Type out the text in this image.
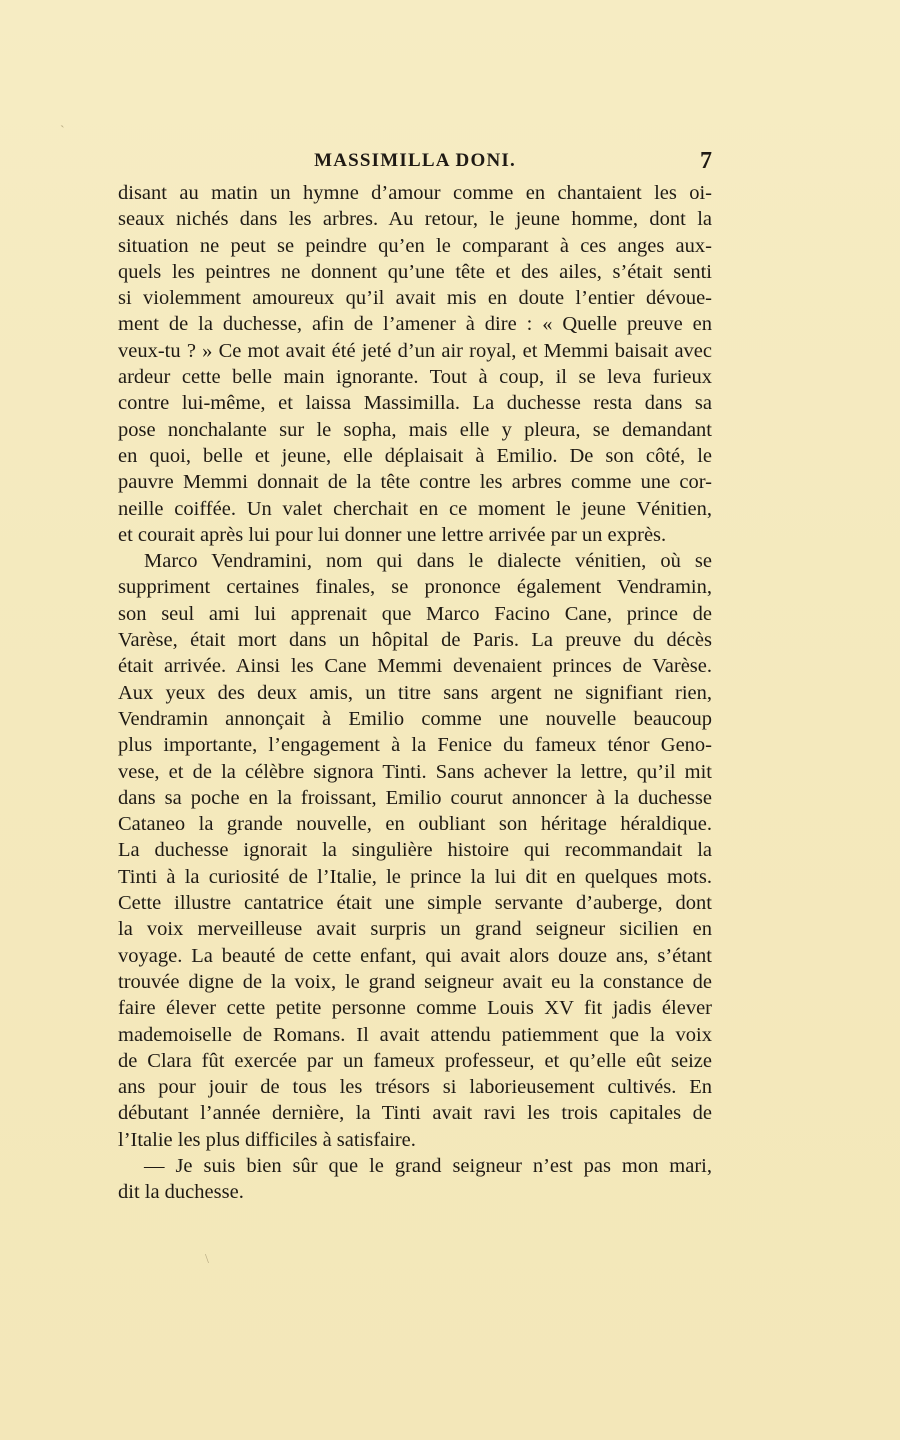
`
\
MASSIMILLA DONI.	7
disant au matin un hymne d’amour comme en chantaient les oi-
seaux nichés dans les arbres. Au retour, le jeune homme, dont la
situation ne peut se peindre qu’en le comparant à ces anges aux-
quels les peintres ne donnent qu’une tête et des ailes, s’était senti
si violemment amoureux qu’il avait mis en doute l’entier dévoue-
ment de la duchesse, afin de l’amener à dire : « Quelle preuve en
veux-tu ? » Ce mot avait été jeté d’un air royal, et Memmi baisait avec
ardeur cette belle main ignorante. Tout à coup, il se leva furieux
contre lui-même, et laissa Massimilla. La duchesse resta dans sa
pose nonchalante sur le sopha, mais elle y pleura, se demandant
en quoi, belle et jeune, elle déplaisait à Emilio. De son côté, le
pauvre Memmi donnait de la tête contre les arbres comme une cor-
neille coiffée. Un valet cherchait en ce moment le jeune Vénitien,
et courait après lui pour lui donner une lettre arrivée par un exprès.
Marco Vendramini, nom qui dans le dialecte vénitien, où se
suppriment certaines finales, se prononce également Vendramin,
son seul ami lui apprenait que Marco Facino Cane, prince de
Varèse, était mort dans un hôpital de Paris. La preuve du décès
était arrivée. Ainsi les Cane Memmi devenaient princes de Varèse.
Aux yeux des deux amis, un titre sans argent ne signifiant rien,
Vendramin annonçait à Emilio comme une nouvelle beaucoup
plus importante, l’engagement à la Fenice du fameux ténor Geno-
vese, et de la célèbre signora Tinti. Sans achever la lettre, qu’il mit
dans sa poche en la froissant, Emilio courut annoncer à la duchesse
Cataneo la grande nouvelle, en oubliant son héritage héraldique.
La duchesse ignorait la singulière histoire qui recommandait la
Tinti à la curiosité de l’Italie, le prince la lui dit en quelques mots.
Cette illustre cantatrice était une simple servante d’auberge, dont
la voix merveilleuse avait surpris un grand seigneur sicilien en
voyage. La beauté de cette enfant, qui avait alors douze ans, s’étant
trouvée digne de la voix, le grand seigneur avait eu la constance de
faire élever cette petite personne comme Louis XV fit jadis élever
mademoiselle de Romans. Il avait attendu patiemment que la voix
de Clara fût exercée par un fameux professeur, et qu’elle eût seize
ans pour jouir de tous les trésors si laborieusement cultivés. En
débutant l’année dernière, la Tinti avait ravi les trois capitales de
l’Italie les plus difficiles à satisfaire.
— Je suis bien sûr que le grand seigneur n’est pas mon mari,
dit la duchesse.
